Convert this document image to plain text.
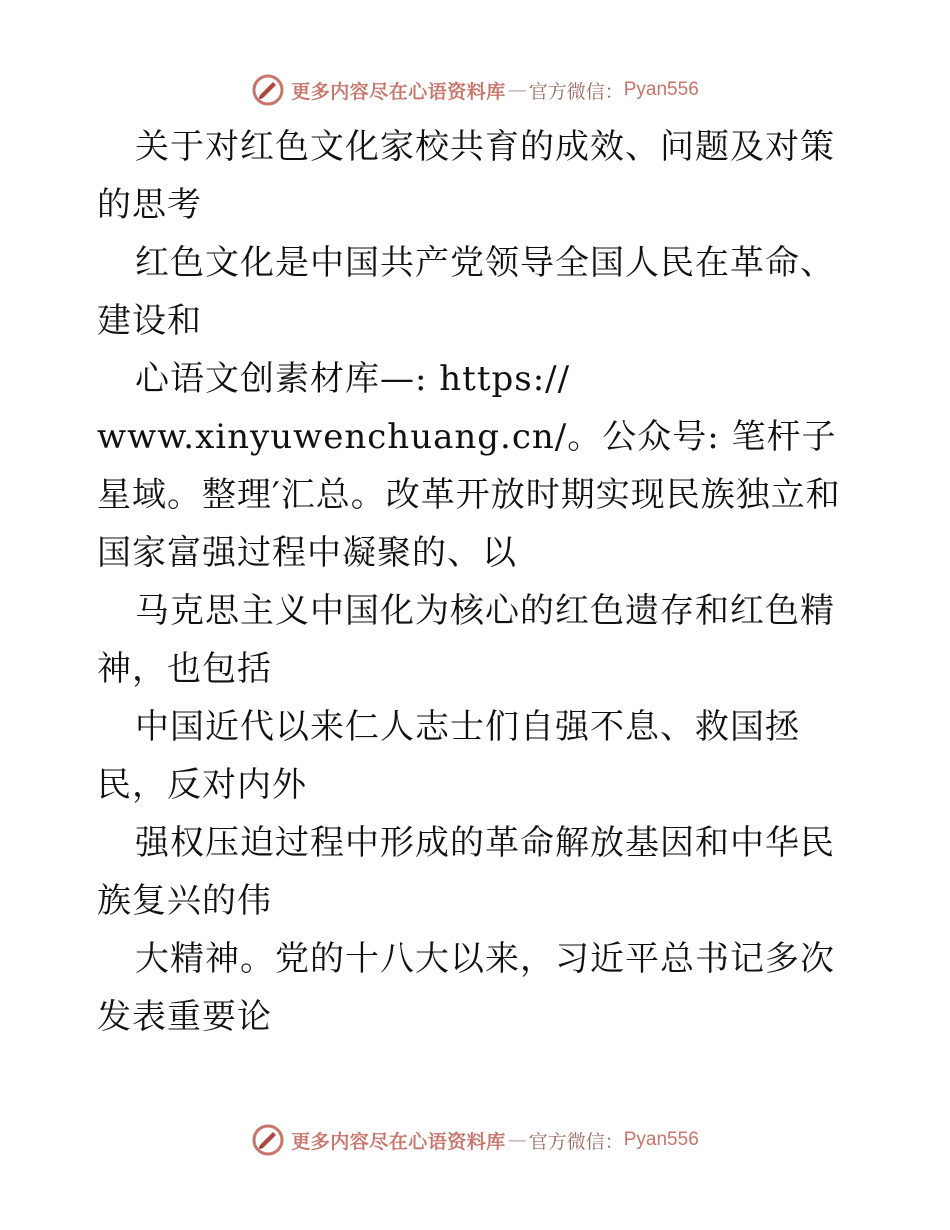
更多内容尽在心语资料库 — 官方微信： Pyan556

关于对红色文化家校共育的成效、问题及对策的思考

红色文化是中国共产党领导全国人民在革命、建设和

心语文创素材库—: https://

www.xinyuwenchuang.cn/。公众号: 笔杆子星域。整理′汇总。改革开放时期实现民族独立和国家富强过程中凝聚的、以

马克思主义中国化为核心的红色遗存和红色精神，也包括

中国近代以来仁人志士们自强不息、救国拯民，反对内外

强权压迫过程中形成的革命解放基因和中华民族复兴的伟

大精神。党的十八大以来，习近平总书记多次发表重要论

更多内容尽在心语资料库 — 官方微信： Pyan556
